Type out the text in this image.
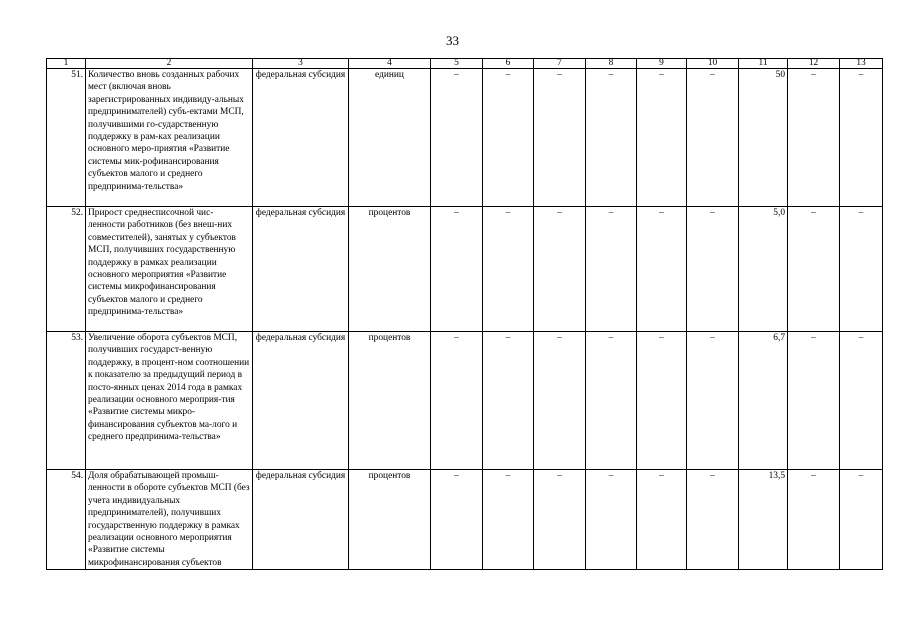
33
1	2	3	4	5	6	7	8	9	10	11	12	13
51.	Количество вновь созданных рабочих мест (включая вновь зарегистрированных индивиду-альных предпринимателей) субъ-ектами МСП, получившими го-сударственную поддержку в рам-ках реализации основного меро-приятия «Развитие системы мик-рофинансирования субъектов малого и среднего предпринима-тельства»	федеральная субсидия	единиц	–	–	–	–	–	–	50	–	–
52.	Прирост среднесписочной чис-ленности работников (без внеш-них совместителей), занятых у субъектов МСП, получивших государственную поддержку в рамках реализации основного мероприятия «Развитие системы микрофинансирования субъектов малого и среднего предпринима-тельства»	федеральная субсидия	процентов	–	–	–	–	–	–	5,0	–	–
53.	Увеличение оборота субъектов МСП, получивших государст-венную поддержку, в процент-ном соотношении к показателю за предыдущий период в посто-янных ценах 2014 года в рамках реализации основного мероприя-тия «Развитие системы микро-финансирования субъектов ма-лого и среднего предпринима-тельства»	федеральная субсидия	процентов	–	–	–	–	–	–	6,7	–	–
54.	Доля обрабатывающей промыш-ленности в обороте субъектов МСП (без учета индивидуальных предпринимателей), получивших государственную поддержку в рамках реализации основного мероприятия «Развитие системы микрофинансирования субъектов	федеральная субсидия	процентов	–	–	–	–	–	–	13,5	–	–
